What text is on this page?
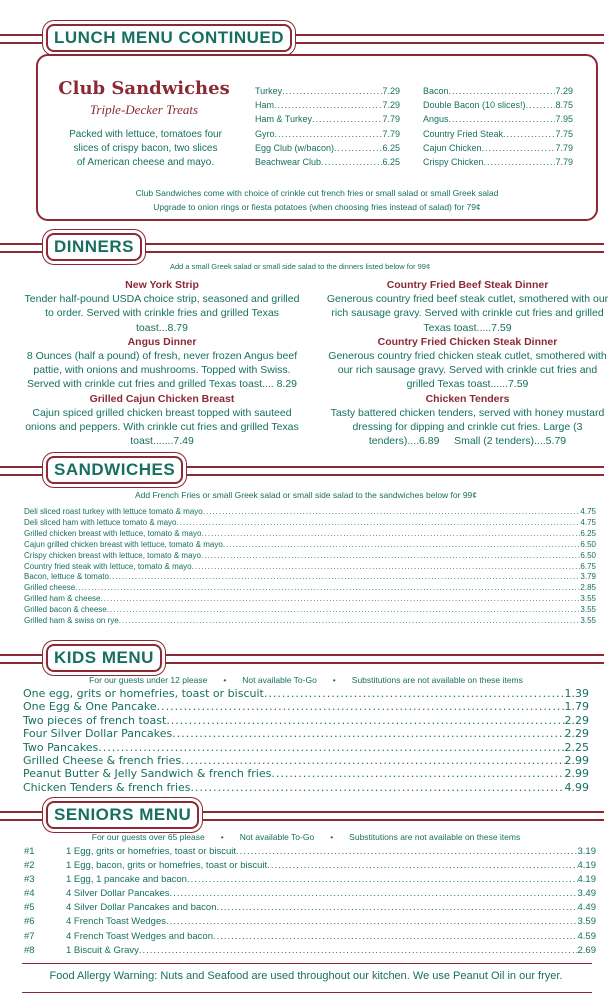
LUNCH MENU CONTINUED
Club Sandwiches
Triple-Decker Treats
Packed with lettuce, tomatoes four slices of crispy bacon, two slices of American cheese and mayo.
Turkey .....	7.29
Ham .....	7.29
Ham & Turkey .....	7.79
Gyro .....	7.79
Egg Club (w/bacon) .....	6.25
Beachwear Club .....	6.25
Bacon .....	7.29
Double Bacon (10 slices!) .....	8.75
Angus .....	7.95
Country Fried Steak .....	7.75
Cajun Chicken .....	7.79
Crispy Chicken .....	7.79
Club Sandwiches come with choice of crinkle cut french fries or small salad or small Greek salad
Upgrade to onion rings or fiesta potatoes (when choosing fries instead of salad) for 79¢
DINNERS
Add a small Greek salad or small side salad to the dinners listed below for 99¢
New York Strip
Tender half-pound USDA choice strip, seasoned and grilled to order. Served with crinkle fries and grilled Texas toast...8.79
Angus Dinner
8 Ounces (half a pound) of fresh, never frozen Angus beef pattie, with onions and mushrooms. Topped with Swiss. Served with crinkle cut fries and grilled Texas toast.... 8.29
Grilled Cajun Chicken Breast
Cajun spiced grilled chicken breast topped with sauteed onions and peppers. With crinkle cut fries and grilled Texas toast.......7.49
Country Fried Beef Steak Dinner
Generous country fried beef steak cutlet, smothered with our rich sausage gravy. Served with crinkle cut fries and grilled Texas toast.....7.59
Country Fried Chicken Steak Dinner
Generous country fried chicken steak cutlet, smothered with our rich sausage gravy. Served with crinkle cut fries and grilled Texas toast......7.59
Chicken Tenders
Tasty battered chicken tenders, served with honey mustard dressing for dipping and crinkle cut fries. Large (3 tenders)....6.89     Small (2 tenders)....5.79
SANDWICHES
Add French Fries or small Greek salad or small side salad to the sandwiches below for 99¢
Deli sliced roast turkey with lettuce tomato & mayo .....	4.75
Deli sliced ham with lettuce tomato & mayo .....	4.75
Grilled chicken breast with lettuce, tomato & mayo .....	6.25
Cajun grilled chicken breast with lettuce, tomato & mayo .....	6.50
Crispy chicken breast with lettuce, tomato & mayo .....	6.50
Country fried steak with lettuce, tomato & mayo .....	6.75
Bacon, lettuce & tomato .....	3.79
Grilled cheese .....	2.85
Grilled ham & cheese .....	3.55
Grilled bacon & cheese .....	3.55
Grilled ham & swiss on rye .....	3.55
KIDS MENU
For our guests under 12 please • Not available To-Go • Substitutions are not available on these items
One egg, grits or homefries, toast or biscuit .....	1.39
One Egg & One Pancake .....	1.79
Two pieces of french toast .....	2.29
Four Silver Dollar Pancakes .....	2.29
Two Pancakes .....	2.25
Grilled Cheese & french fries .....	2.99
Peanut Butter & Jelly Sandwich & french fries .....	2.99
Chicken Tenders & french fries .....	4.99
SENIORS MENU
For our guests over 65 please • Not available To-Go • Substitutions are not available on these items
#1	1 Egg, grits or homefries, toast or biscuit .....	3.19
#2	1 Egg, bacon, grits or homefries, toast or biscuit .....	4.19
#3	1 Egg, 1 pancake and bacon .....	4.19
#4	4 Silver Dollar Pancakes .....	3.49
#5	4 Silver Dollar Pancakes and bacon .....	4.49
#6	4 French Toast Wedges .....	3.59
#7	4 French Toast Wedges and bacon .....	4.59
#8	1 Biscuit & Gravy .....	2.69
Food Allergy Warning: Nuts and Seafood are used throughout our kitchen. We use Peanut Oil in our fryer.
